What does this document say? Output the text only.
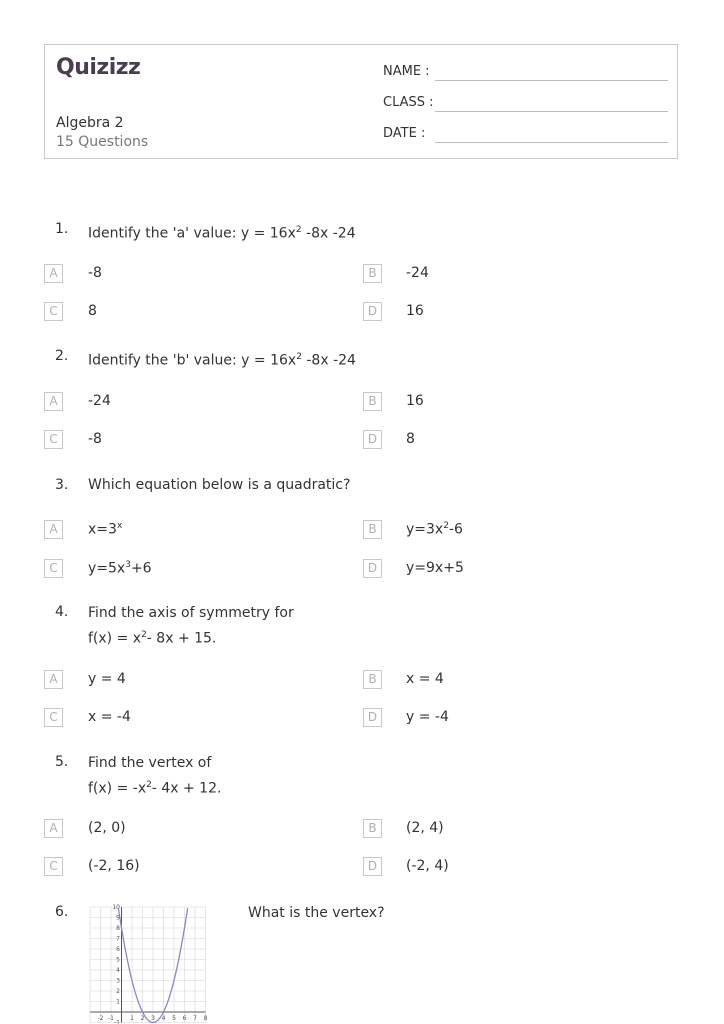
Quizizz
Algebra 2
15 Questions
NAME :
CLASS :
DATE :
1. Identify the 'a' value: $y = 16x^2$ -8x -24
A	-8	B	-24
C	8	D	16
2. Identify the 'b' value: $y = 16x^2$ -8x -24
A	-24	B	16
C	-8	D	8
3. Which equation below is a quadratic?
A	$x=3^x$	B	$y=3x^2-6$
C	$y=5x^3+6$	D	y=9x+5
4. Find the axis of symmetry for
$f(x) = x^2-$ 8x + 15.
A	y = 4	B	x = 4
C	x = -4	D	y = -4
5. Find the vertex of
$f(x) = -x^2-$ 4x + 12.
A	(2, 0)	B	(2, 4)
C	(-2, 16)	D	(-2, 4)
6.	What is the vertex?
-2 -1	1 2 3 4 5 6 7 8
10
9
8
7
6
5
4
3
2
1
-1
